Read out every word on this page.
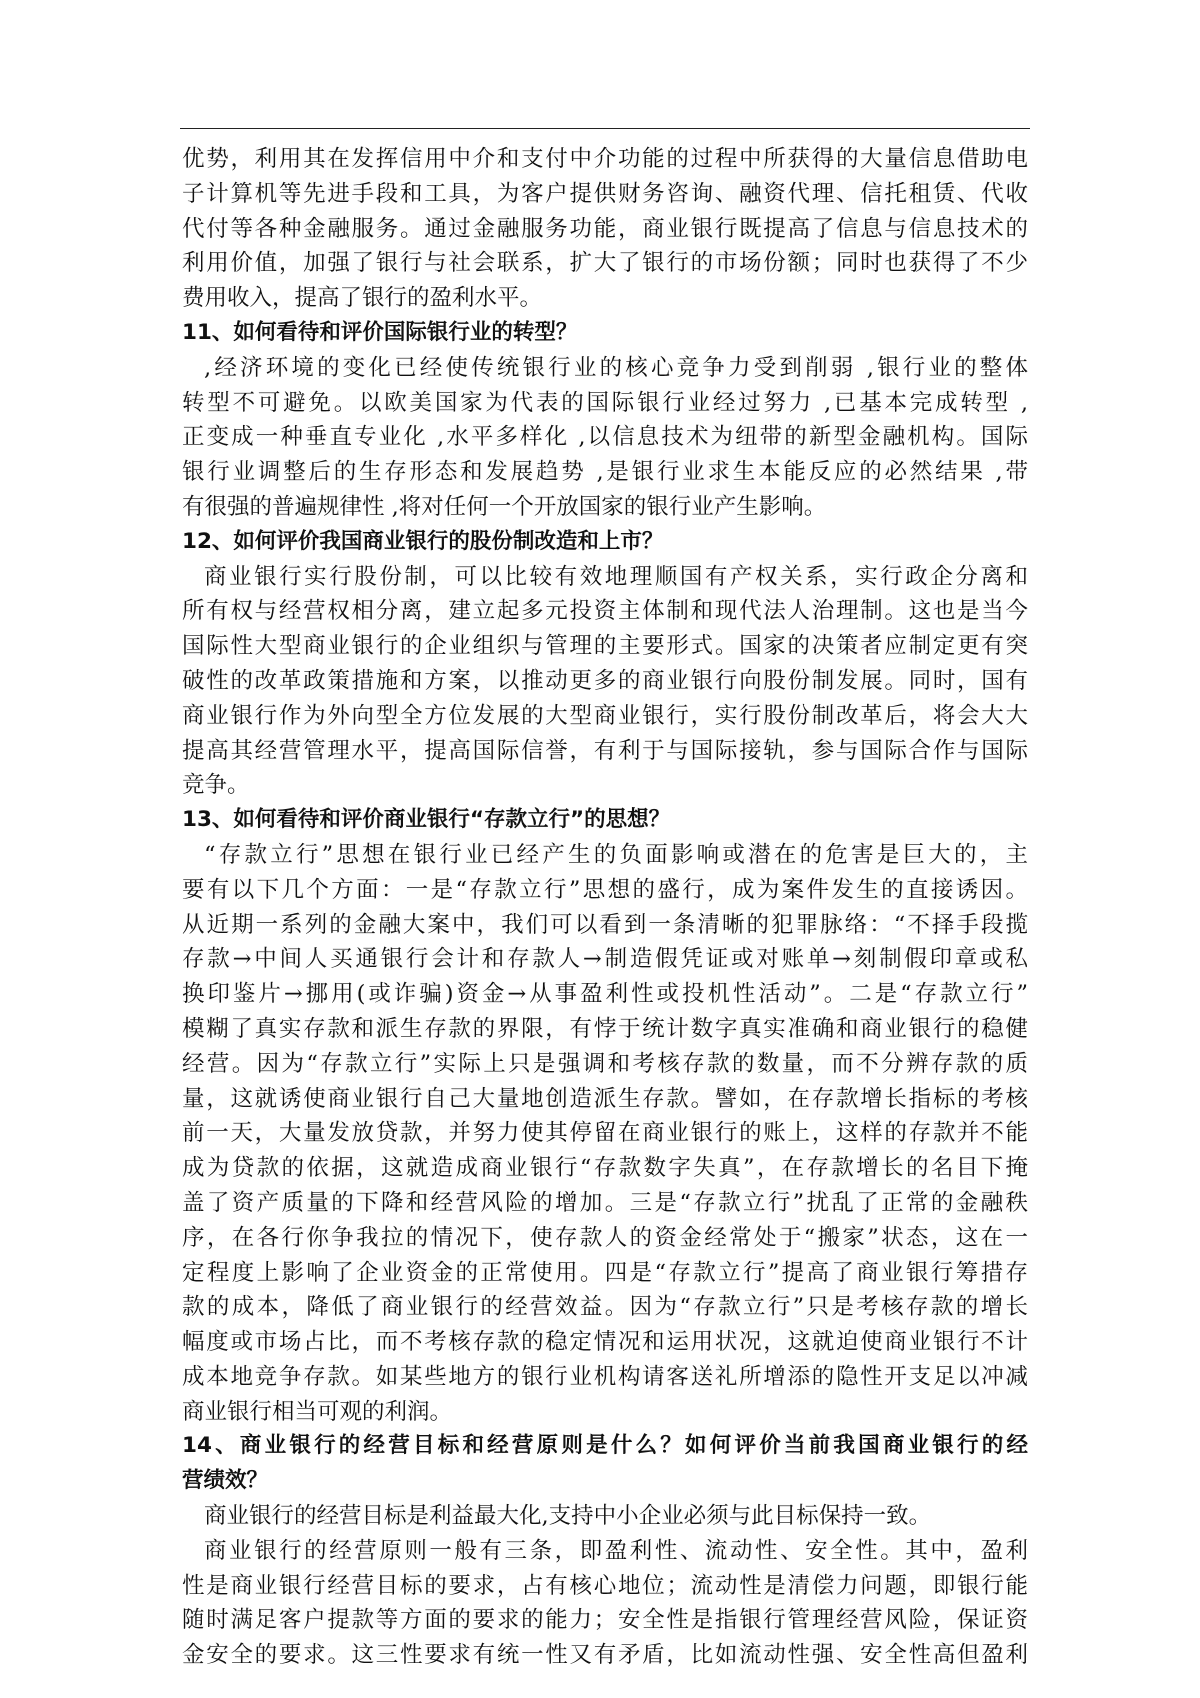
优势，利用其在发挥信用中介和支付中介功能的过程中所获得的大量信息借助电
子计算机等先进手段和工具，为客户提供财务咨询、融资代理、信托租赁、代收
代付等各种金融服务。通过金融服务功能，商业银行既提高了信息与信息技术的
利用价值，加强了银行与社会联系，扩大了银行的市场份额；同时也获得了不少
费用收入，提高了银行的盈利水平。
11、如何看待和评价国际银行业的转型？
,经济环境的变化已经使传统银行业的核心竞争力受到削弱 ,银行业的整体
转型不可避免。以欧美国家为代表的国际银行业经过努力 ,已基本完成转型 ,
正变成一种垂直专业化 ,水平多样化 ,以信息技术为纽带的新型金融机构。国际
银行业调整后的生存形态和发展趋势 ,是银行业求生本能反应的必然结果 ,带
有很强的普遍规律性 ,将对任何一个开放国家的银行业产生影响。
12、如何评价我国商业银行的股份制改造和上市？
商业银行实行股份制，可以比较有效地理顺国有产权关系，实行政企分离和
所有权与经营权相分离，建立起多元投资主体制和现代法人治理制。这也是当今
国际性大型商业银行的企业组织与管理的主要形式。国家的决策者应制定更有突
破性的改革政策措施和方案，以推动更多的商业银行向股份制发展。同时，国有
商业银行作为外向型全方位发展的大型商业银行，实行股份制改革后，将会大大
提高其经营管理水平，提高国际信誉，有利于与国际接轨，参与国际合作与国际
竞争。
13、如何看待和评价商业银行“存款立行”的思想？
“存款立行”思想在银行业已经产生的负面影响或潜在的危害是巨大的，主
要有以下几个方面：一是“存款立行”思想的盛行，成为案件发生的直接诱因。
从近期一系列的金融大案中，我们可以看到一条清晰的犯罪脉络：“不择手段揽
存款→中间人买通银行会计和存款人→制造假凭证或对账单→刻制假印章或私
换印鉴片→挪用(或诈骗)资金→从事盈利性或投机性活动”。二是“存款立行”
模糊了真实存款和派生存款的界限，有悖于统计数字真实准确和商业银行的稳健
经营。因为“存款立行”实际上只是强调和考核存款的数量，而不分辨存款的质
量，这就诱使商业银行自己大量地创造派生存款。譬如，在存款增长指标的考核
前一天，大量发放贷款，并努力使其停留在商业银行的账上，这样的存款并不能
成为贷款的依据，这就造成商业银行“存款数字失真”，在存款增长的名目下掩
盖了资产质量的下降和经营风险的增加。三是“存款立行”扰乱了正常的金融秩
序，在各行你争我拉的情况下，使存款人的资金经常处于“搬家”状态，这在一
定程度上影响了企业资金的正常使用。四是“存款立行”提高了商业银行筹措存
款的成本，降低了商业银行的经营效益。因为“存款立行”只是考核存款的增长
幅度或市场占比，而不考核存款的稳定情况和运用状况，这就迫使商业银行不计
成本地竞争存款。如某些地方的银行业机构请客送礼所增添的隐性开支足以冲减
商业银行相当可观的利润。
14、商业银行的经营目标和经营原则是什么？如何评价当前我国商业银行的经
营绩效？
商业银行的经营目标是利益最大化,支持中小企业必须与此目标保持一致。
商业银行的经营原则一般有三条，即盈利性、流动性、安全性。其中，盈利
性是商业银行经营目标的要求，占有核心地位；流动性是清偿力问题，即银行能
随时满足客户提款等方面的要求的能力；安全性是指银行管理经营风险，保证资
金安全的要求。这三性要求有统一性又有矛盾，比如流动性强、安全性高但盈利
